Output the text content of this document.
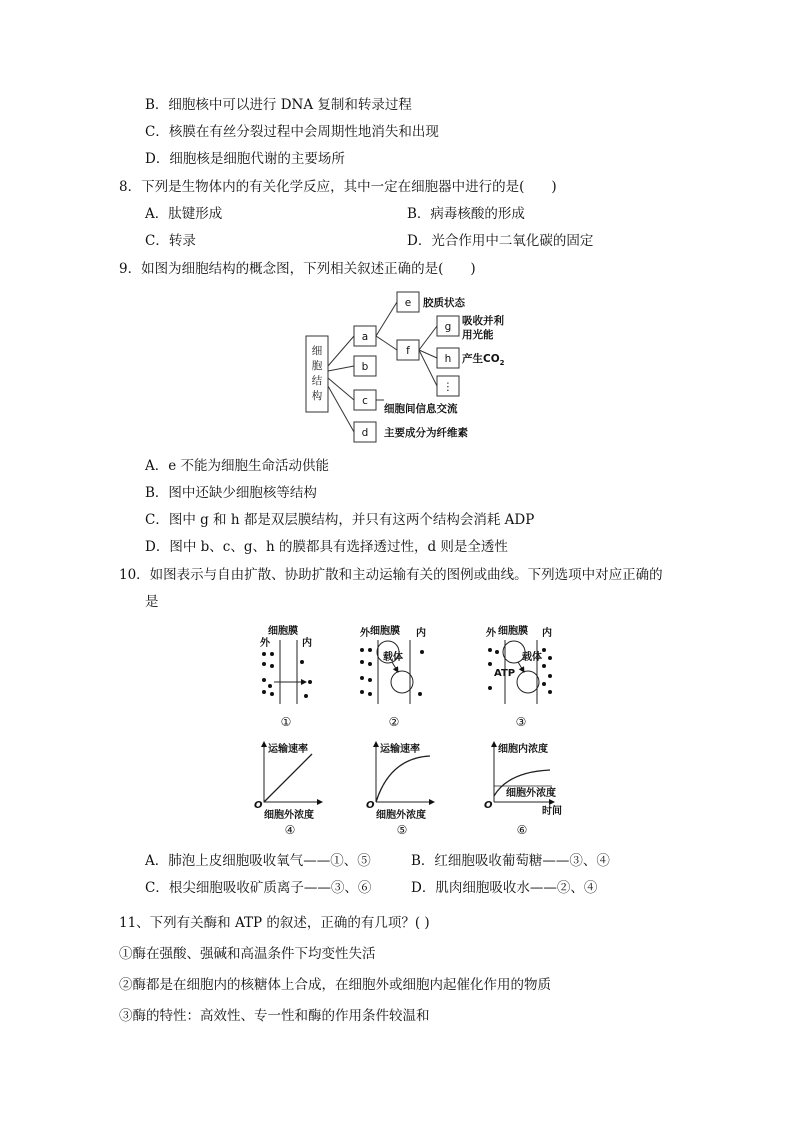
B．细胞核中可以进行 DNA 复制和转录过程
C．核膜在有丝分裂过程中会周期性地消失和出现
D．细胞核是细胞代谢的主要场所
8．下列是生物体内的有关化学反应，其中一定在细胞器中进行的是(　　)
A．肽键形成	B．病毒核酸的形成
C．转录	D．光合作用中二氧化碳的固定
9．如图为细胞结构的概念图，下列相关叙述正确的是(　　)
细
胞
结
构
a
b
c
d
e
f
g
h
⋮
胶质状态
吸收并利
用光能
产生$CO_2$
细胞间信息交流
主要成分为纤维素
A．e 不能为细胞生命活动供能
B．图中还缺少细胞核等结构
C．图中 g 和 h 都是双层膜结构，并只有这两个结构会消耗 ADP
D．图中 b、c、g、h 的膜都具有选择透过性，d 则是全透性
10．如图表示与自由扩散、协助扩散和主动运输有关的图例或曲线。下列选项中对应正确的
是
细胞膜
外	内
细胞膜
外	内
载体
细胞膜
外	内
载体
ATP
①	②	③
运输速率
O
细胞外浓度
运输速率
O
细胞外浓度
细胞内浓度
O
细胞外浓度
时间
④	⑤	⑥
A．肺泡上皮细胞吸收氧气——①、⑤	B．红细胞吸收葡萄糖——③、④
C．根尖细胞吸收矿质离子——③、⑥	D．肌肉细胞吸收水——②、④
11、下列有关酶和 ATP 的叙述，正确的有几项？( )
①酶在强酸、强碱和高温条件下均变性失活
②酶都是在细胞内的核糖体上合成，在细胞外或细胞内起催化作用的物质
③酶的特性：高效性、专一性和酶的作用条件较温和
